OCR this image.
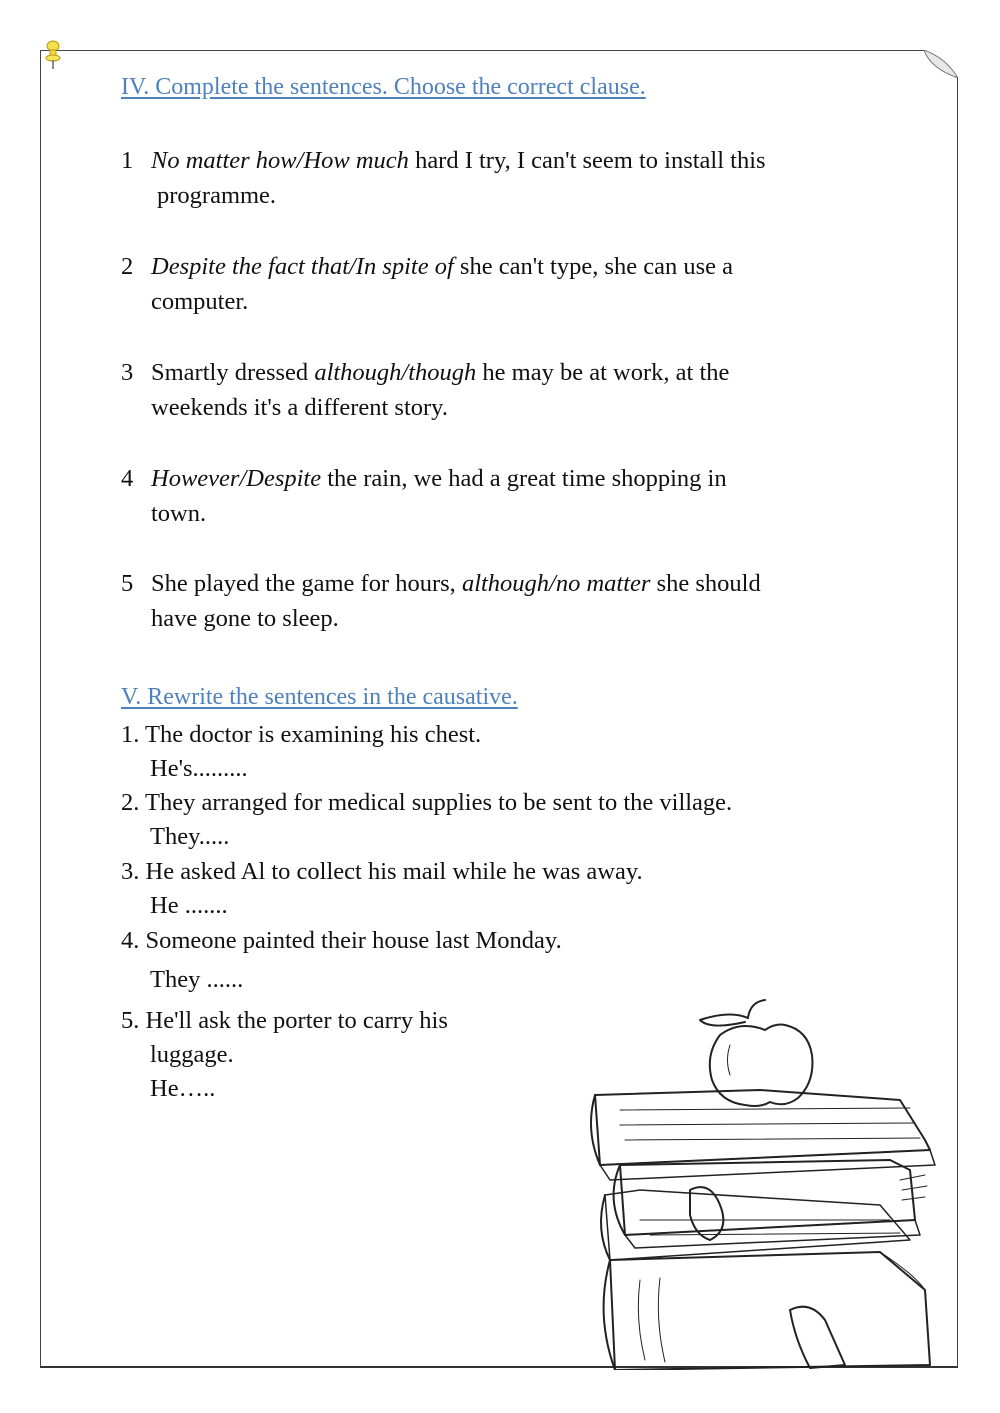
IV. Complete the sentences. Choose the correct clause.
1 No matter how/How much hard I try, I can't seem to install this
programme.
2 Despite the fact that/In spite of she can't type, she can use a
computer.
3 Smartly dressed although/though he may be at work, at the
weekends it's a different story.
4 However/Despite the rain, we had a great time shopping in
town.
5 She played the game for hours, although/no matter she should
have gone to sleep.
V. Rewrite the sentences in the causative.
1. The doctor is examining his chest.
He's.........
2. They arranged for medical supplies to be sent to the village.
They.....
3. He asked Al to collect his mail while he was away.
He .......
4. Someone painted their house last Monday.
They ......
5. He'll ask the porter to carry his
luggage.
He…..
